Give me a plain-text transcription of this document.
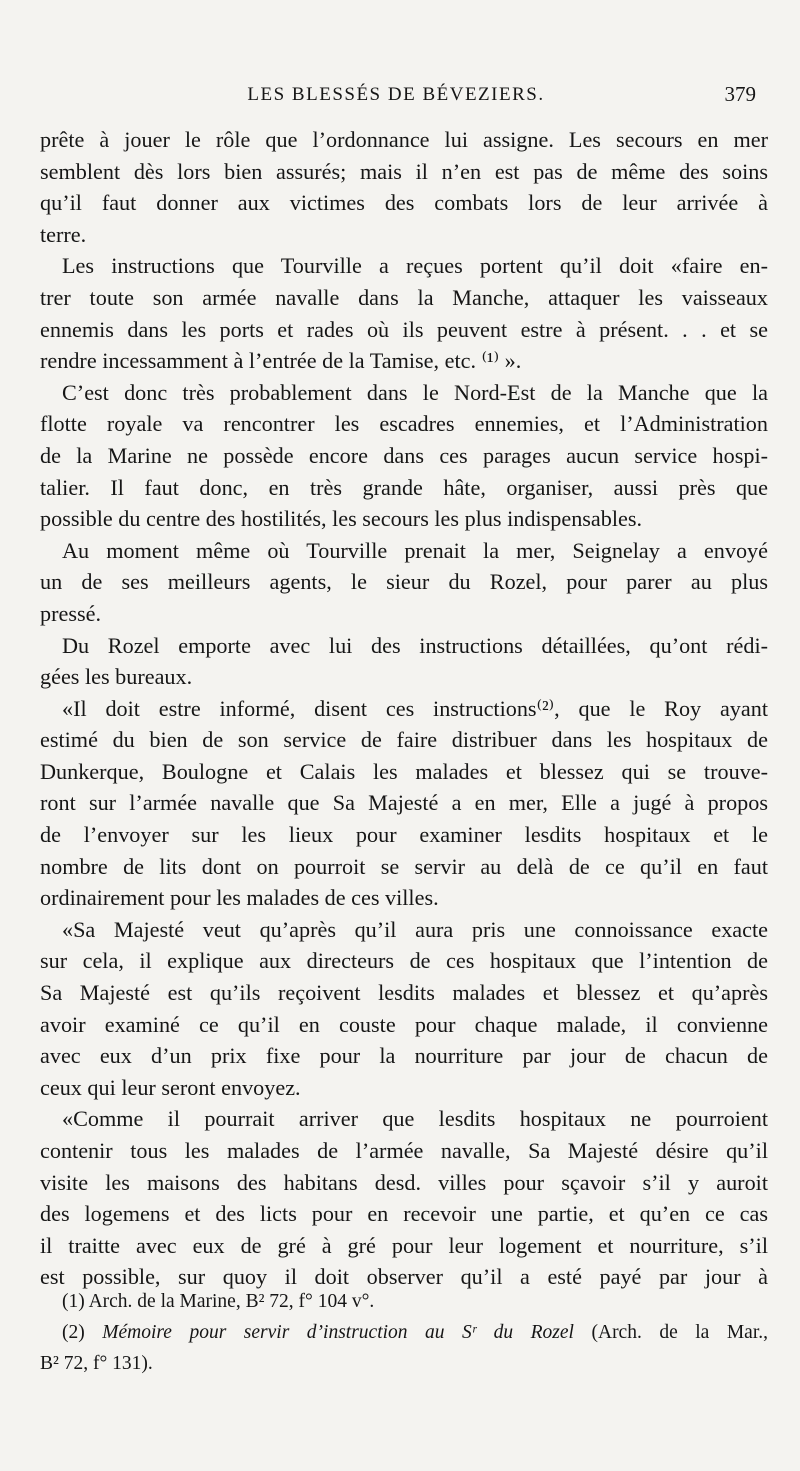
LES BLESSÉS DE BÉVEZIERS.	379
prête à jouer le rôle que l’ordonnance lui assigne. Les secours en mer
semblent dès lors bien assurés; mais il n’en est pas de même des soins
qu’il faut donner aux victimes des combats lors de leur arrivée à
terre.
Les instructions que Tourville a reçues portent qu’il doit «faire en-
trer toute son armée navalle dans la Manche, attaquer les vaisseaux
ennemis dans les ports et rades où ils peuvent estre à présent. . . et se
rendre incessamment à l’entrée de la Tamise, etc. ⁽¹⁾ ».
C’est donc très probablement dans le Nord-Est de la Manche que la
flotte royale va rencontrer les escadres ennemies, et l’Administration
de la Marine ne possède encore dans ces parages aucun service hospi-
talier. Il faut donc, en très grande hâte, organiser, aussi près que
possible du centre des hostilités, les secours les plus indispensables.
Au moment même où Tourville prenait la mer, Seignelay a envoyé
un de ses meilleurs agents, le sieur du Rozel, pour parer au plus
pressé.
Du Rozel emporte avec lui des instructions détaillées, qu’ont rédi-
gées les bureaux.
«Il doit estre informé, disent ces instructions⁽²⁾, que le Roy ayant
estimé du bien de son service de faire distribuer dans les hospitaux de
Dunkerque, Boulogne et Calais les malades et blessez qui se trouve-
ront sur l’armée navalle que Sa Majesté a en mer, Elle a jugé à propos
de l’envoyer sur les lieux pour examiner lesdits hospitaux et le
nombre de lits dont on pourroit se servir au delà de ce qu’il en faut
ordinairement pour les malades de ces villes.
«Sa Majesté veut qu’après qu’il aura pris une connoissance exacte
sur cela, il explique aux directeurs de ces hospitaux que l’intention de
Sa Majesté est qu’ils reçoivent lesdits malades et blessez et qu’après
avoir examiné ce qu’il en couste pour chaque malade, il convienne
avec eux d’un prix fixe pour la nourriture par jour de chacun de
ceux qui leur seront envoyez.
«Comme il pourrait arriver que lesdits hospitaux ne pourroient
contenir tous les malades de l’armée navalle, Sa Majesté désire qu’il
visite les maisons des habitans desd. villes pour sçavoir s’il y auroit
des logemens et des licts pour en recevoir une partie, et qu’en ce cas
il traitte avec eux de gré à gré pour leur logement et nourriture, s’il
est possible, sur quoy il doit observer qu’il a esté payé par jour à
(1) Arch. de la Marine, B² 72, f° 104 v°.
(2) Mémoire pour servir d’instruction au Sʳ du Rozel (Arch. de la Mar.,
B² 72, f° 131).
